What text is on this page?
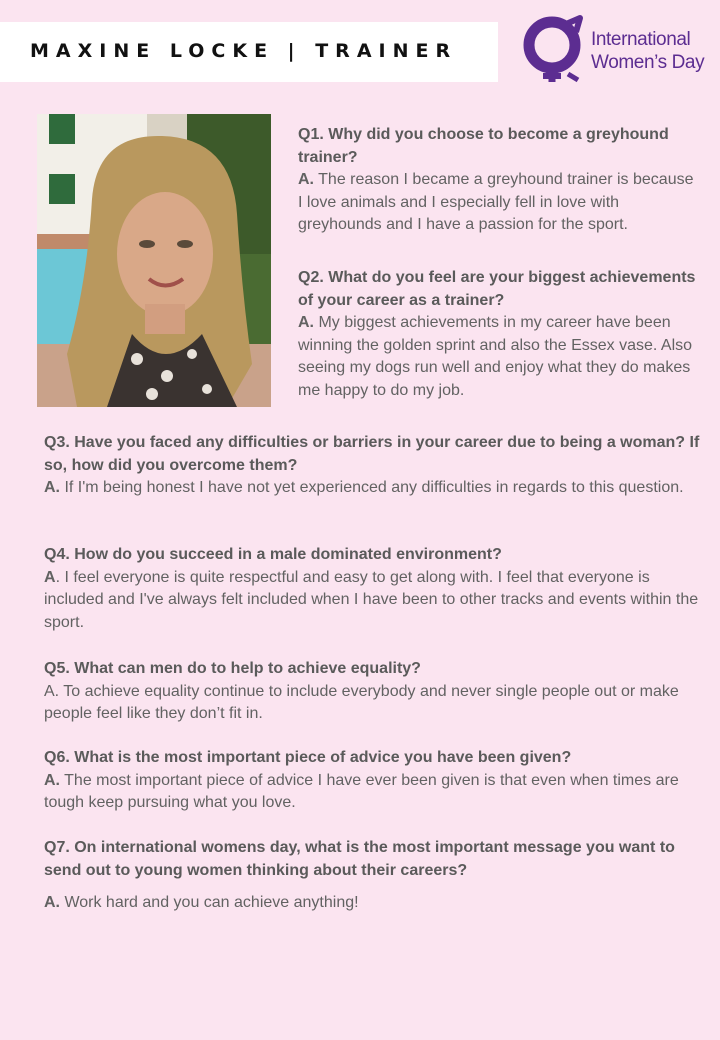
MAXINE LOCKE | TRAINER
International
Women’s Day
Q1. Why did you choose to become a greyhound trainer?
A. The reason I became a greyhound trainer is because I love animals and I especially fell in love with greyhounds and I have a passion for the sport.
Q2. What do you feel are your biggest achievements of your career as a trainer?
A. My biggest achievements in my career have been winning the golden sprint and also the Essex vase. Also seeing my dogs run well and enjoy what they do makes me happy to do my job.
Q3. Have you faced any difficulties or barriers in your career due to being a woman? If so, how did you overcome them?
A. If I'm being honest I have not yet experienced any difficulties in regards to this question.
Q4. How do you succeed in a male dominated environment?
A. I feel everyone is quite respectful and easy to get along with. I feel that everyone is included and I've always felt included when I have been to other tracks and events within the sport.
Q5. What can men do to help to achieve equality?
A. To achieve equality continue to include everybody and never single people out or make people feel like they don’t fit in.
Q6. What is the most important piece of advice you have been given?
A. The most important piece of advice I have ever been given is that even when times are tough keep pursuing what you love.
Q7. On international womens day, what is the most important message you want to send out to young women thinking about their careers?
A. Work hard and you can achieve anything!
